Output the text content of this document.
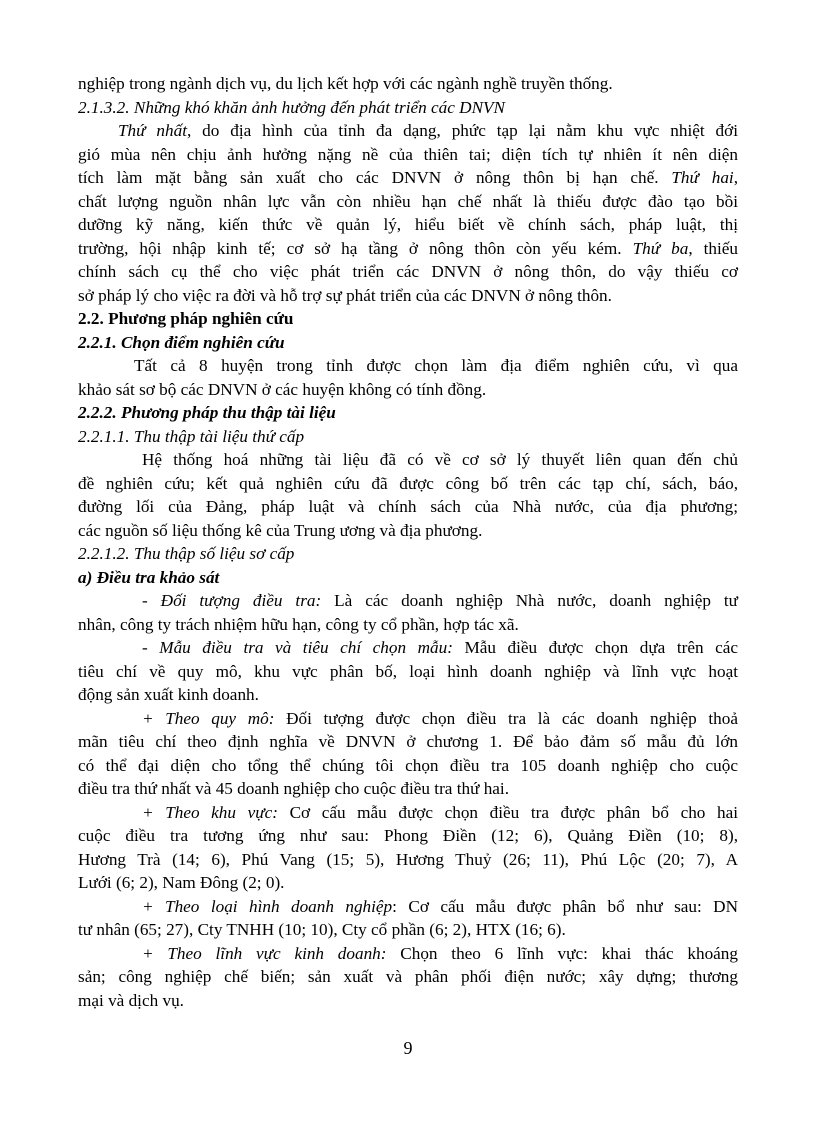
nghiệp trong ngành dịch vụ, du lịch kết hợp với các ngành nghề truyền thống.

2.1.3.2. Những khó khăn ảnh hưởng đến phát triển các DNVN

Thứ nhất, do địa hình của tỉnh đa dạng, phức tạp lại nằm khu vực nhiệt đới
gió mùa nên chịu ảnh hưởng nặng nề của thiên tai; diện tích tự nhiên ít nên diện
tích làm mặt bằng sản xuất cho các DNVN ở nông thôn bị hạn chế. Thứ hai,
chất lượng nguồn nhân lực vẫn còn nhiều hạn chế nhất là thiếu được đào tạo bồi
dưỡng kỹ năng, kiến thức về quản lý, hiểu biết về chính sách, pháp luật, thị
trường, hội nhập kinh tế; cơ sở hạ tầng ở nông thôn còn yếu kém. Thứ ba, thiếu
chính sách cụ thể cho việc phát triển các DNVN ở nông thôn, do vậy thiếu cơ
sở pháp lý cho việc ra đời và hỗ trợ sự phát triển của các DNVN ở nông thôn.

2.2. Phương pháp nghiên cứu

2.2.1. Chọn điểm nghiên cứu

Tất cả 8 huyện trong tỉnh được chọn làm địa điểm nghiên cứu, vì qua
khảo sát sơ bộ các DNVN ở các huyện không có tính đồng.

2.2.2. Phương pháp thu thập tài liệu

2.2.1.1. Thu thập tài liệu thứ cấp

Hệ thống hoá những tài liệu đã có về cơ sở lý thuyết liên quan đến chủ
đề nghiên cứu; kết quả nghiên cứu đã được công bố trên các tạp chí, sách, báo,
đường lối của Đảng, pháp luật và chính sách của Nhà nước, của địa phương;
các nguồn số liệu thống kê của Trung ương và địa phương.

2.2.1.2. Thu thập số liệu sơ cấp

a) Điều tra khảo sát

- Đối tượng điều tra: Là các doanh nghiệp Nhà nước, doanh nghiệp tư
nhân, công ty trách nhiệm hữu hạn, công ty cổ phần, hợp tác xã.

- Mẫu điều tra và tiêu chí chọn mẫu: Mẫu điều được chọn dựa trên các
tiêu chí về quy mô, khu vực phân bố, loại hình doanh nghiệp và lĩnh vực hoạt
động sản xuất kinh doanh.

+ Theo quy mô: Đối tượng được chọn điều tra là các doanh nghiệp thoả
mãn tiêu chí theo định nghĩa về DNVN ở chương 1. Để bảo đảm số mẫu đủ lớn
có thể đại diện cho tổng thể chúng tôi chọn điều tra 105 doanh nghiệp cho cuộc
điều tra thứ nhất và 45 doanh nghiệp cho cuộc điều tra thứ hai.

+ Theo khu vực: Cơ cấu mẫu được chọn điều tra được phân bổ cho hai
cuộc điều tra tương ứng như sau: Phong Điền (12; 6), Quảng Điền (10; 8),
Hương Trà (14; 6), Phú Vang (15; 5), Hương Thuỷ (26; 11), Phú Lộc (20; 7), A
Lưới (6; 2), Nam Đông (2; 0).

+ Theo loại hình doanh nghiệp: Cơ cấu mẫu được phân bổ như sau: DN
tư nhân (65; 27), Cty TNHH (10; 10), Cty cổ phần (6; 2), HTX (16; 6).

+ Theo lĩnh vực kinh doanh: Chọn theo 6 lĩnh vực: khai thác khoáng
sản; công nghiệp chế biến; sản xuất và phân phối điện nước; xây dựng; thương
mại và dịch vụ.

9
